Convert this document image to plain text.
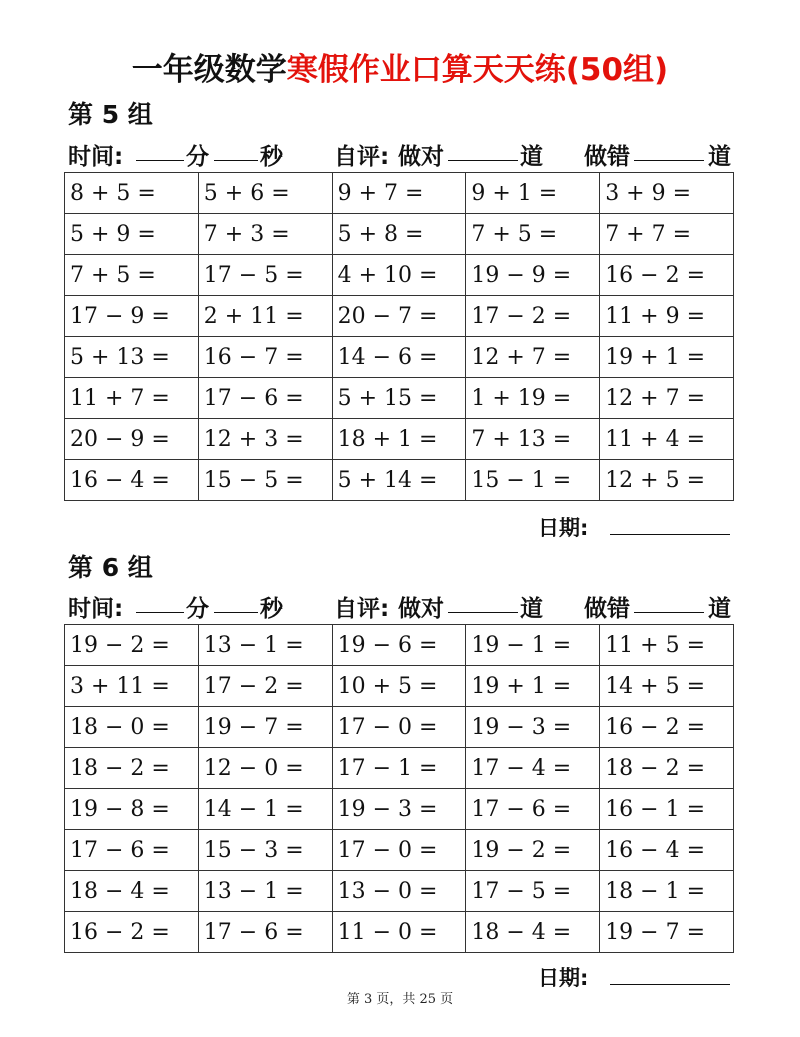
一年级数学寒假作业口算天天练(50组)
第 5 组
时间:	分 秒 自评: 做对	道 做错	道
8 + 5 =	5 + 6 =	9 + 7 =	9 + 1 =	3 + 9 =
5 + 9 =	7 + 3 =	5 + 8 =	7 + 5 =	7 + 7 =
7 + 5 =	17 − 5 =	4 + 10 =	19 − 9 =	16 − 2 =
17 − 9 =	2 + 11 =	20 − 7 =	17 − 2 =	11 + 9 =
5 + 13 =	16 − 7 =	14 − 6 =	12 + 7 =	19 + 1 =
11 + 7 =	17 − 6 =	5 + 15 =	1 + 19 =	12 + 7 =
20 − 9 =	12 + 3 =	18 + 1 =	7 + 13 =	11 + 4 =
16 − 4 =	15 − 5 =	5 + 14 =	15 − 1 =	12 + 5 =
日期:
第 6 组
时间:	分 秒 自评: 做对	道 做错	道
19 − 2 =	13 − 1 =	19 − 6 =	19 − 1 =	11 + 5 =
3 + 11 =	17 − 2 =	10 + 5 =	19 + 1 =	14 + 5 =
18 − 0 =	19 − 7 =	17 − 0 =	19 − 3 =	16 − 2 =
18 − 2 =	12 − 0 =	17 − 1 =	17 − 4 =	18 − 2 =
19 − 8 =	14 − 1 =	19 − 3 =	17 − 6 =	16 − 1 =
17 − 6 =	15 − 3 =	17 − 0 =	19 − 2 =	16 − 4 =
18 − 4 =	13 − 1 =	13 − 0 =	17 − 5 =	18 − 1 =
16 − 2 =	17 − 6 =	11 − 0 =	18 − 4 =	19 − 7 =
日期:
第 3 页，共 25 页
